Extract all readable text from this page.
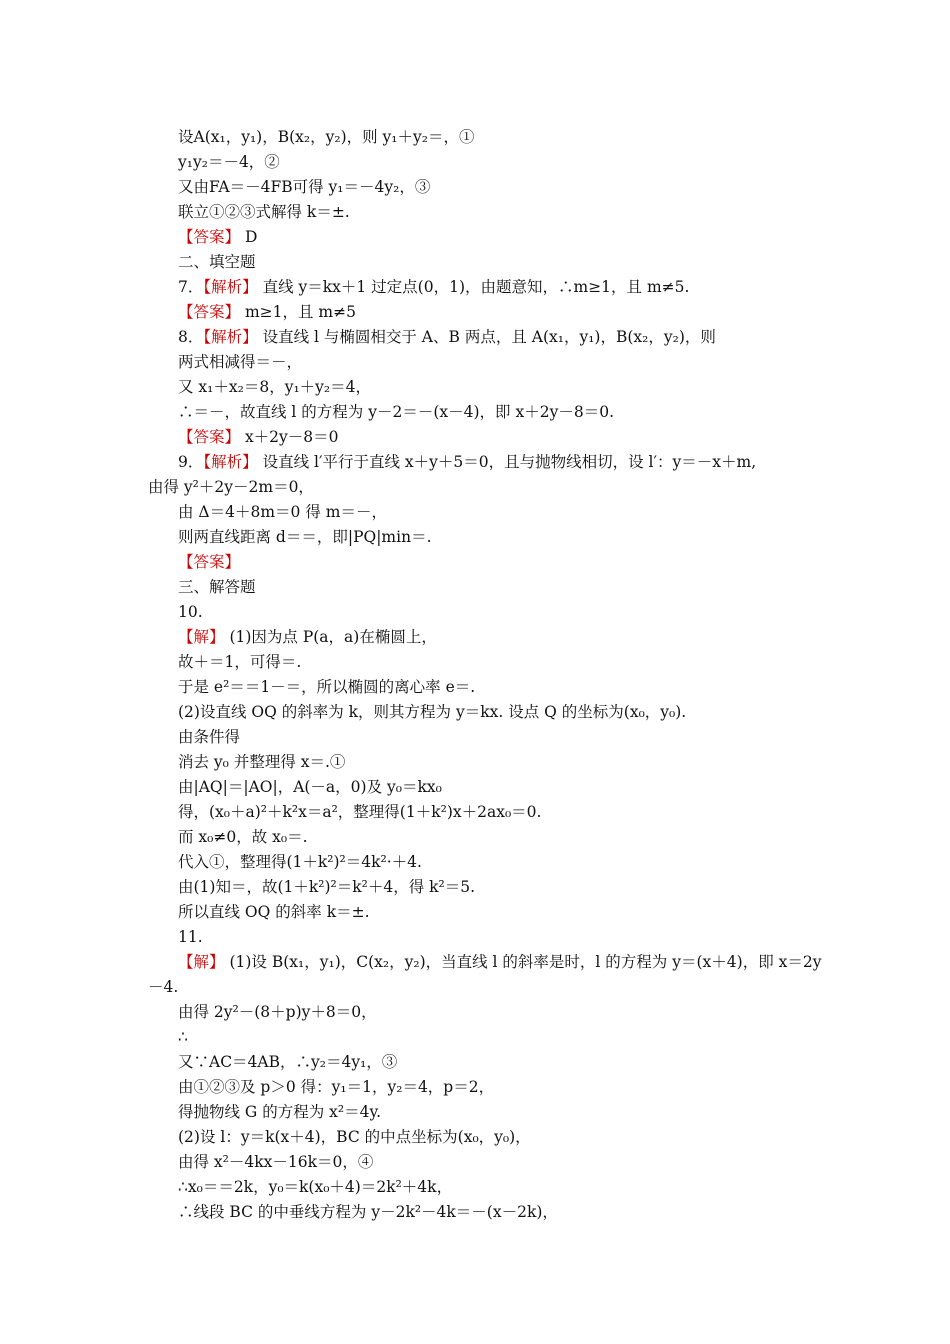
设A(x₁，y₁)，B(x₂，y₂)，则 y₁＋y₂＝，①
y₁y₂＝－4，②
又由FA＝－4FB可得 y₁＝－4y₂，③
联立①②③式解得 k＝±.
【答案】 D
二、填空题
7．【解析】 直线 y＝kx＋1 过定点(0，1)，由题意知，∴m≥1，且 m≠5.
【答案】 m≥1，且 m≠5
8．【解析】 设直线 l 与椭圆相交于 A、B 两点，且 A(x₁，y₁)，B(x₂，y₂)，则
两式相减得＝－，
又 x₁＋x₂＝8，y₁＋y₂＝4，
∴＝－，故直线 l 的方程为 y－2＝－(x－4)，即 x＋2y－8＝0.
【答案】 x＋2y－8＝0
9．【解析】 设直线 l′平行于直线 x＋y＋5＝0，且与抛物线相切，设 l′：y＝－x＋m,
由得 y²＋2y－2m＝0，
由 Δ＝4＋8m＝0 得 m＝－，
则两直线距离 d＝＝，即|PQ|min＝.
【答案】
三、解答题
10.
【解】 (1)因为点 P(a，a)在椭圆上，
故＋＝1，可得＝.
于是 e²＝＝1－＝，所以椭圆的离心率 e＝.
(2)设直线 OQ 的斜率为 k，则其方程为 y＝kx. 设点 Q 的坐标为(x₀，y₀).
由条件得
消去 y₀ 并整理得 x＝.①
由|AQ|＝|AO|，A(－a，0)及 y₀＝kx₀
得，(x₀＋a)²＋k²x＝a²，整理得(1＋k²)x＋2ax₀＝0.
而 x₀≠0，故 x₀＝.
代入①，整理得(1＋k²)²＝4k²·＋4.
由(1)知＝，故(1＋k²)²＝k²＋4，得 k²＝5.
所以直线 OQ 的斜率 k＝±.
11.
【解】 (1)设 B(x₁，y₁)，C(x₂，y₂)，当直线 l 的斜率是时，l 的方程为 y＝(x＋4)，即 x＝2y
－4.
由得 2y²－(8＋p)y＋8＝0，
∴
又∵AC＝4AB，∴y₂＝4y₁，③
由①②③及 p＞0 得：y₁＝1，y₂＝4，p＝2，
得抛物线 G 的方程为 x²＝4y.
(2)设 l：y＝k(x＋4)，BC 的中点坐标为(x₀，y₀)，
由得 x²－4kx－16k＝0，④
∴x₀＝＝2k，y₀＝k(x₀＋4)＝2k²＋4k，
∴线段 BC 的中垂线方程为 y－2k²－4k＝－(x－2k)，
